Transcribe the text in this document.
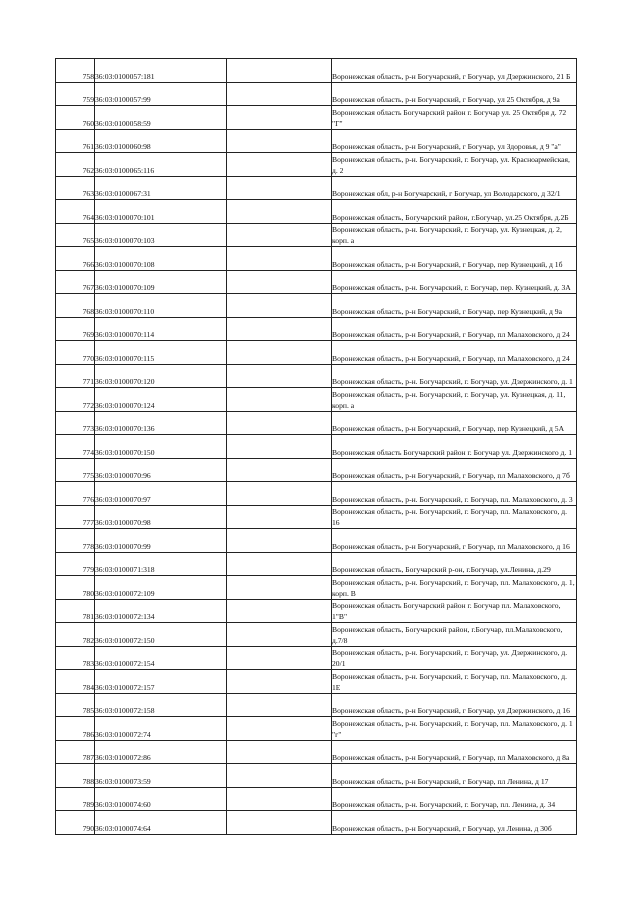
758	36:03:0100057:181		Воронежская область, р-н Богучарский, г Богучар, ул Дзержинского, 21 Б
759	36:03:0100057:99		Воронежская область, р-н Богучарский, г Богучар, ул 25 Октября, д 9а
760	36:03:0100058:59		Воронежская область Богучарский район г. Богучар ул. 25 Октября д. 72 "Г"
761	36:03:0100060:98		Воронежская область, р-н Богучарский, г Богучар, ул Здоровья, д 9 "а"
762	36:03:0100065:116		Воронежская область, р-н. Богучарский, г. Богучар, ул. Красноармейская, д. 2
763	36:03:0100067:31		Воронежская обл, р-н Богучарский, г Богучар, ул Володарского, д 32/1
764	36:03:0100070:101		Воронежская область, Богучарский район, г.Богучар, ул.25 Октября, д.2Б
765	36:03:0100070:103		Воронежская область, р-н. Богучарский, г. Богучар, ул. Кузнецкая, д. 2, корп. а
766	36:03:0100070:108		Воронежская область, р-н Богучарский, г Богучар, пер Кузнецкий, д 1б
767	36:03:0100070:109		Воронежская область, р-н. Богучарский, г. Богучар, пер. Кузнецкий, д. 3А
768	36:03:0100070:110		Воронежская область, р-н Богучарский, г Богучар, пер Кузнецкий, д 9а
769	36:03:0100070:114		Воронежская область, р-н Богучарский, г Богучар, пл Малаховского, д 24
770	36:03:0100070:115		Воронежская область, р-н Богучарский, г Богучар, пл Малаховского, д 24
771	36:03:0100070:120		Воронежская область, р-н. Богучарский, г. Богучар, ул. Дзержинского, д. 1
772	36:03:0100070:124		Воронежская область, р-н. Богучарский, г. Богучар, ул. Кузнецкая, д. 11, корп. а
773	36:03:0100070:136		Воронежская область, р-н Богучарский, г Богучар, пер Кузнецкий, д 5А
774	36:03:0100070:150		Воронежская область Богучарский район г. Богучар ул. Дзержинского д. 1
775	36:03:0100070:96		Воронежская область, р-н Богучарский, г Богучар, пл Малаховского, д 7б
776	36:03:0100070:97		Воронежская область, р-н. Богучарский, г. Богучар, пл. Малаховского, д. 3
777	36:03:0100070:98		Воронежская область, р-н. Богучарский, г. Богучар, пл. Малаховского, д. 16
778	36:03:0100070:99		Воронежская область, р-н Богучарский, г Богучар, пл Малаховского, д 16
779	36:03:0100071:318		Воронежская область, Богучарский р-он, г.Богучар, ул.Ленина, д.29
780	36:03:0100072:109		Воронежская область, р-н. Богучарский, г. Богучар, пл. Малаховского, д. 1, корп. В
781	36:03:0100072:134		Воронежская область Богучарский район г. Богучар пл. Малаховского, 1"В"
782	36:03:0100072:150		Воронежская область, Богучарский район, г.Богучар, пл.Малаховского, д.7/8
783	36:03:0100072:154		Воронежская область, р-н. Богучарский, г. Богучар, ул. Дзержинского, д. 20/1
784	36:03:0100072:157		Воронежская область, р-н. Богучарский, г. Богучар, пл. Малаховского, д. 1Е
785	36:03:0100072:158		Воронежская область, р-н Богучарский, г Богучар, ул Дзержинского, д 16
786	36:03:0100072:74		Воронежская область, р-н. Богучарский, г. Богучар, пл. Малаховского, д. 1 "г"
787	36:03:0100072:86		Воронежская область, р-н Богучарский, г Богучар, пл Малаховского, д 8а
788	36:03:0100073:59		Воронежская область, р-н Богучарский, г Богучар, пл Ленина, д 17
789	36:03:0100074:60		Воронежская область, р-н. Богучарский, г. Богучар, пл. Ленина, д. 34
790	36:03:0100074:64		Воронежская область, р-н Богучарский, г Богучар, ул Ленина, д 30б
